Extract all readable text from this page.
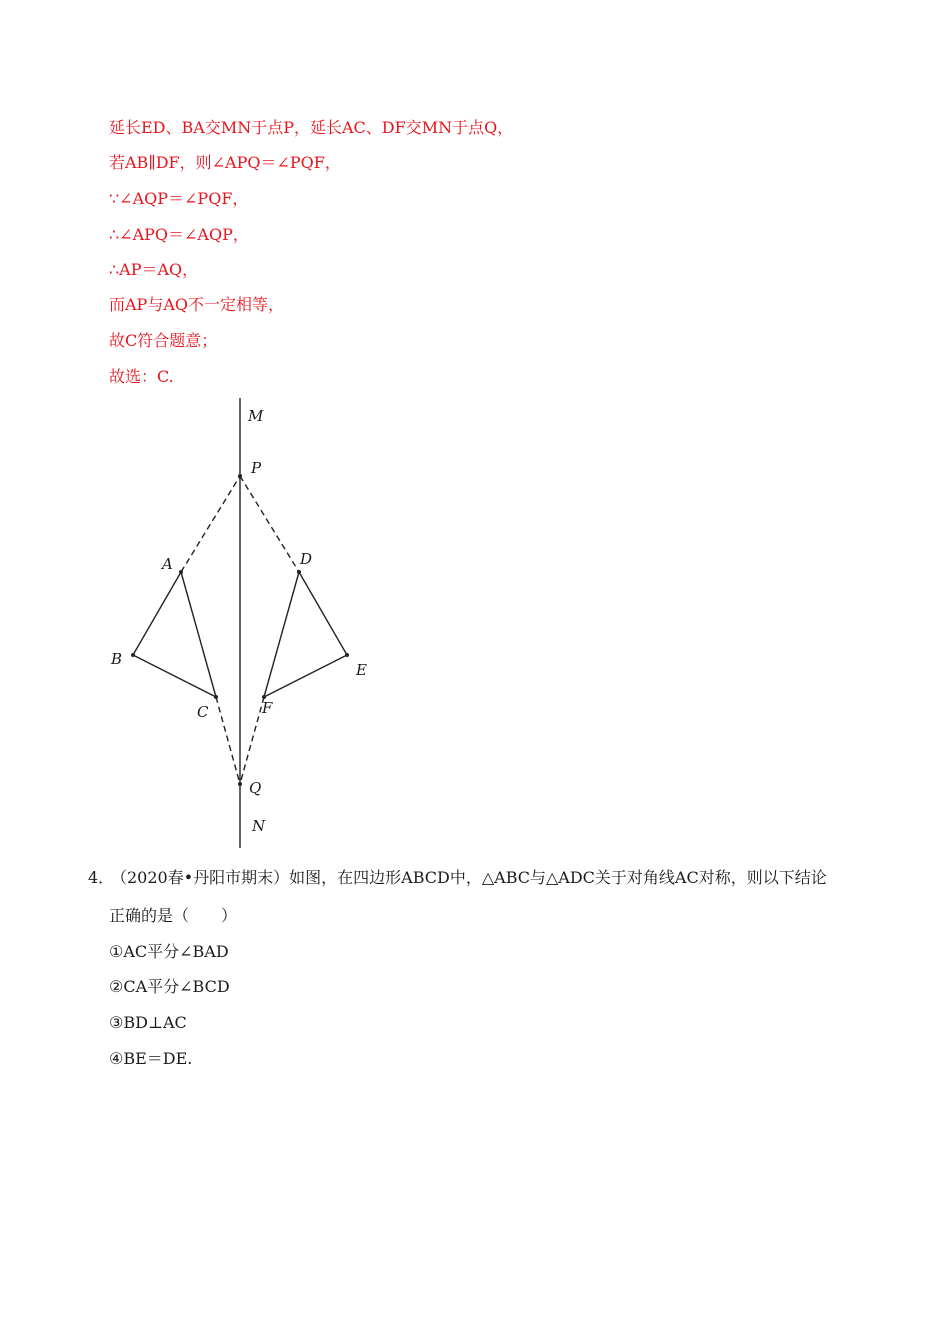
延长ED、BA交MN于点P，延长AC、DF交MN于点Q，
若AB∥DF，则∠APQ＝∠PQF，
∵∠AQP＝∠PQF，
∴∠APQ＝∠AQP，
∴AP＝AQ，
而AP与AQ不一定相等，
故C符合题意；
故选：C.
M
P
A	D
B
E
C	F
Q
N
4．
（2020春•丹阳市期末）如图，在四边形ABCD中，△ABC与△ADC关于对角线AC对称，则以下结论
正确的是（　　）
①AC平分∠BAD
②CA平分∠BCD
③BD⊥AC
④BE＝DE.
